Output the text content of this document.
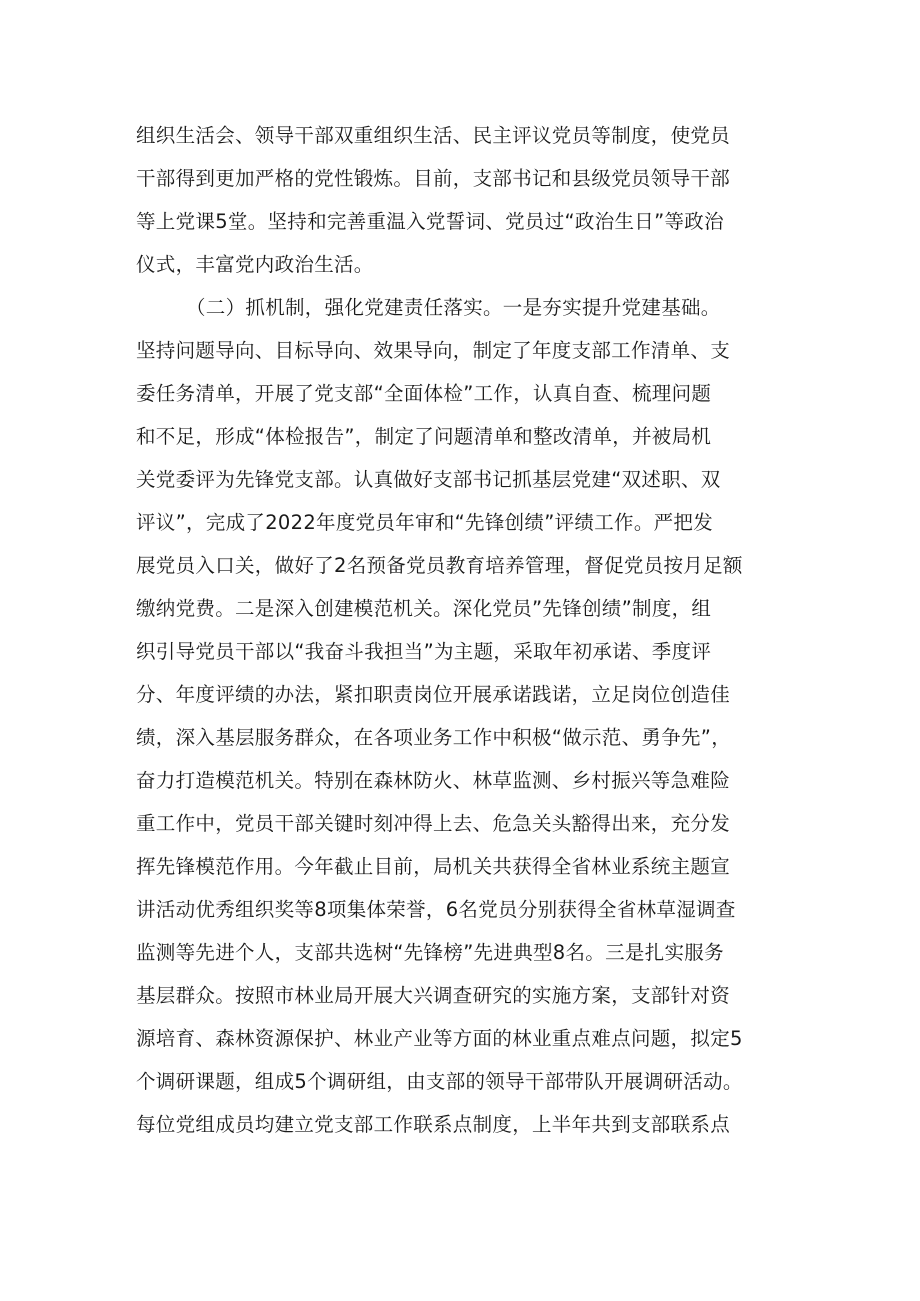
组织生活会、领导干部双重组织生活、民主评议党员等制度，使党员
干部得到更加严格的党性锻炼。目前，支部书记和县级党员领导干部
等上党课5堂。坚持和完善重温入党誓词、党员过“政治生日”等政治
仪式，丰富党内政治生活。
（二）抓机制，强化党建责任落实。一是夯实提升党建基础。
坚持问题导向、目标导向、效果导向，制定了年度支部工作清单、支
委任务清单，开展了党支部“全面体检”工作，认真自查、梳理问题
和不足，形成“体检报告”，制定了问题清单和整改清单，并被局机
关党委评为先锋党支部。认真做好支部书记抓基层党建“双述职、双
评议”，完成了2022年度党员年审和“先锋创绩”评绩工作。严把发
展党员入口关，做好了2名预备党员教育培养管理，督促党员按月足额
缴纳党费。二是深入创建模范机关。深化党员”先锋创绩”制度，组
织引导党员干部以“我奋斗我担当”为主题，采取年初承诺、季度评
分、年度评绩的办法，紧扣职责岗位开展承诺践诺，立足岗位创造佳
绩，深入基层服务群众，在各项业务工作中积极“做示范、勇争先”，
奋力打造模范机关。特别在森林防火、林草监测、乡村振兴等急难险
重工作中，党员干部关键时刻冲得上去、危急关头豁得出来，充分发
挥先锋模范作用。今年截止目前，局机关共获得全省林业系统主题宣
讲活动优秀组织奖等8项集体荣誉，6名党员分别获得全省林草湿调查
监测等先进个人，支部共选树“先锋榜”先进典型8名。三是扎实服务
基层群众。按照市林业局开展大兴调查研究的实施方案，支部针对资
源培育、森林资源保护、林业产业等方面的林业重点难点问题，拟定5
个调研课题，组成5个调研组，由支部的领导干部带队开展调研活动。
每位党组成员均建立党支部工作联系点制度，上半年共到支部联系点
